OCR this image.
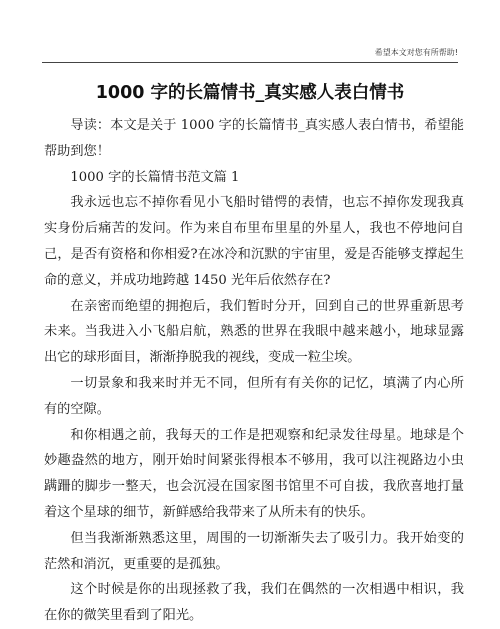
希望本文对您有所帮助!
1000 字的长篇情书_真实感人表白情书

导读：本文是关于 1000 字的长篇情书_真实感人表白情书，希望能帮助到您！

1000 字的长篇情书范文篇 1

我永远也忘不掉你看见小飞船时错愕的表情，也忘不掉你发现我真实身份后痛苦的发问。作为来自布里布里星的外星人，我也不停地问自己，是否有资格和你相爱?在冰冷和沉默的宇宙里，爱是否能够支撑起生命的意义，并成功地跨越 1450 光年后依然存在?

在亲密而绝望的拥抱后，我们暂时分开，回到自己的世界重新思考未来。当我进入小飞船启航，熟悉的世界在我眼中越来越小，地球显露出它的球形面目，渐渐挣脱我的视线，变成一粒尘埃。

一切景象和我来时并无不同，但所有有关你的记忆，填满了内心所有的空隙。

和你相遇之前，我每天的工作是把观察和纪录发往母星。地球是个妙趣盎然的地方，刚开始时间紧张得根本不够用，我可以注视路边小虫蹒跚的脚步一整天，也会沉浸在国家图书馆里不可自拔，我欣喜地打量着这个星球的细节，新鲜感给我带来了从所未有的快乐。

但当我渐渐熟悉这里，周围的一切渐渐失去了吸引力。我开始变的茫然和消沉，更重要的是孤独。

这个时候是你的出现拯救了我，我们在偶然的一次相遇中相识，我在你的微笑里看到了阳光。
